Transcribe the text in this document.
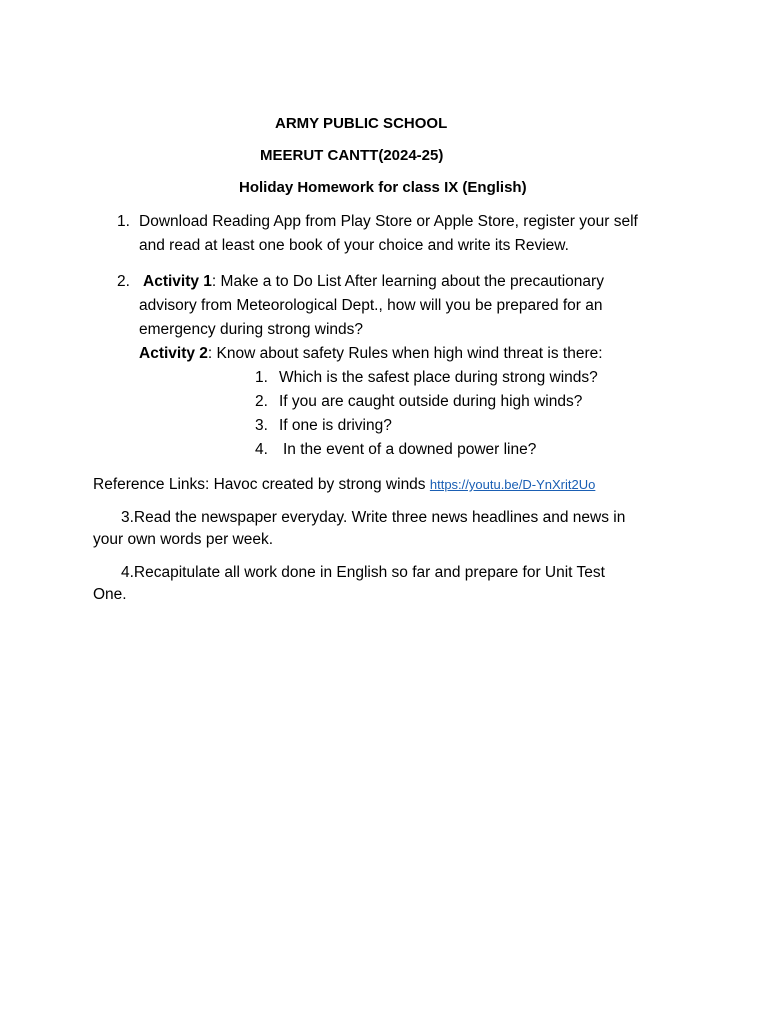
ARMY PUBLIC SCHOOL
MEERUT CANTT(2024-25)
Holiday Homework for class IX (English)
1. Download Reading App from Play Store or Apple Store, register your self
and read at least one book of your choice and write its Review.
2. Activity 1: Make a to Do List After learning about the precautionary
advisory from Meteorological Dept., how will you be prepared for an
emergency during strong winds?
Activity 2: Know about safety Rules when high wind threat is there:
1. Which is the safest place during strong winds?
2. If you are caught outside during high winds?
3. If one is driving?
4. In the event of a downed power line?
Reference Links: Havoc created by strong winds https://youtu.be/D-YnXrit2Uo
3.Read the newspaper everyday. Write three news headlines and news in
your own words per week.
4.Recapitulate all work done in English so far and prepare for Unit Test
One.
